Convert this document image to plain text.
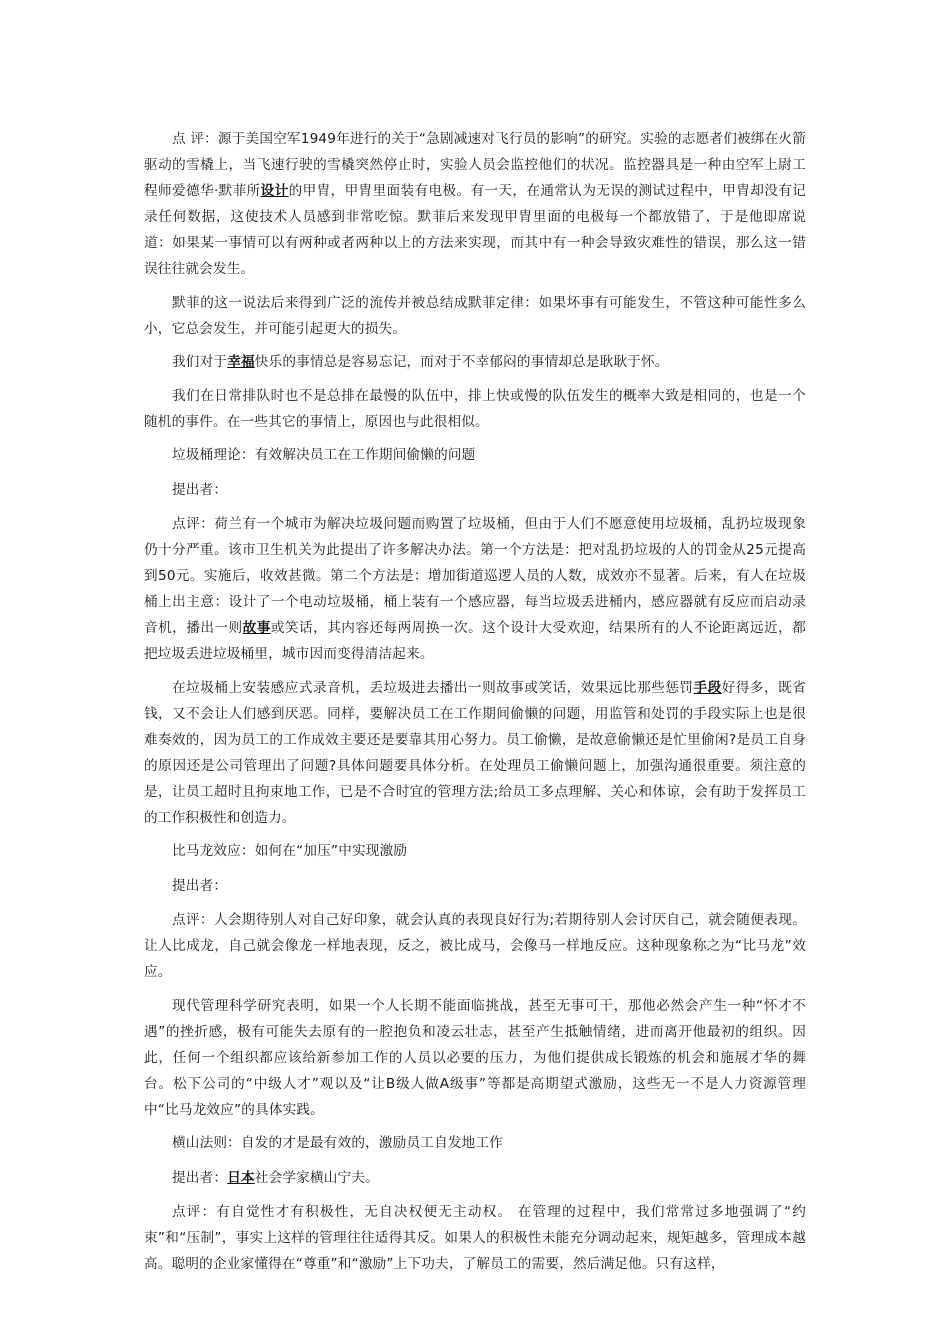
点 评：源于美国空军1949年进行的关于“急剧减速对飞行员的影响”的研究。实验的志愿者们被绑在火箭驱动的雪橇上，当飞速行驶的雪橇突然停止时，实验人员会监控他们的状况。监控器具是一种由空军上尉工程师爱德华·默菲所设计的甲胄，甲胄里面装有电极。有一天，在通常认为无误的测试过程中，甲胄却没有记录任何数据，这使技术人员感到非常吃惊。默菲后来发现甲胄里面的电极每一个都放错了，于是他即席说道：如果某一事情可以有两种或者两种以上的方法来实现，而其中有一种会导致灾难性的错误，那么这一错误往往就会发生。

默菲的这一说法后来得到广泛的流传并被总结成默菲定律：如果坏事有可能发生，不管这种可能性多么小，它总会发生，并可能引起更大的损失。

我们对于幸福快乐的事情总是容易忘记，而对于不幸郁闷的事情却总是耿耿于怀。

我们在日常排队时也不是总排在最慢的队伍中，排上快或慢的队伍发生的概率大致是相同的，也是一个随机的事件。在一些其它的事情上，原因也与此很相似。

垃圾桶理论：有效解决员工在工作期间偷懒的问题

提出者：

点评：荷兰有一个城市为解决垃圾问题而购置了垃圾桶，但由于人们不愿意使用垃圾桶，乱扔垃圾现象仍十分严重。该市卫生机关为此提出了许多解决办法。第一个方法是：把对乱扔垃圾的人的罚金从25元提高到50元。实施后，收效甚微。第二个方法是：增加街道巡逻人员的人数，成效亦不显著。后来，有人在垃圾桶上出主意：设计了一个电动垃圾桶，桶上装有一个感应器，每当垃圾丢进桶内，感应器就有反应而启动录音机，播出一则故事或笑话，其内容还每两周换一次。这个设计大受欢迎，结果所有的人不论距离远近，都把垃圾丢进垃圾桶里，城市因而变得清洁起来。

在垃圾桶上安装感应式录音机，丢垃圾进去播出一则故事或笑话，效果远比那些惩罚手段好得多，既省钱，又不会让人们感到厌恶。同样，要解决员工在工作期间偷懒的问题，用监管和处罚的手段实际上也是很难奏效的，因为员工的工作成效主要还是要靠其用心努力。员工偷懒，是故意偷懒还是忙里偷闲?是员工自身的原因还是公司管理出了问题?具体问题要具体分析。在处理员工偷懒问题上，加强沟通很重要。须注意的是，让员工超时且拘束地工作，已是不合时宜的管理方法;给员工多点理解、关心和体谅，会有助于发挥员工的工作积极性和创造力。

比马龙效应：如何在“加压”中实现激励

提出者：

点评：人会期待别人对自己好印象，就会认真的表现良好行为;若期待别人会讨厌自己，就会随便表现。让人比成龙，自己就会像龙一样地表现，反之，被比成马，会像马一样地反应。这种现象称之为“比马龙”效应。

现代管理科学研究表明，如果一个人长期不能面临挑战，甚至无事可干，那他必然会产生一种“怀才不遇”的挫折感，极有可能失去原有的一腔抱负和凌云壮志，甚至产生抵触情绪，进而离开他最初的组织。因此，任何一个组织都应该给新参加工作的人员以必要的压力，为他们提供成长锻炼的机会和施展才华的舞台。松下公司的“中级人才”观以及“让B级人做A级事”等都是高期望式激励，这些无一不是人力资源管理中“比马龙效应”的具体实践。

横山法则：自发的才是最有效的，激励员工自发地工作

提出者：日本社会学家横山宁夫。

点评：有自觉性才有积极性，无自决权便无主动权。 在管理的过程中，我们常常过多地强调了“约束”和“压制”，事实上这样的管理往往适得其反。如果人的积极性未能充分调动起来，规矩越多，管理成本越高。聪明的企业家懂得在“尊重”和“激励”上下功夫，了解员工的需要，然后满足他。只有这样，
